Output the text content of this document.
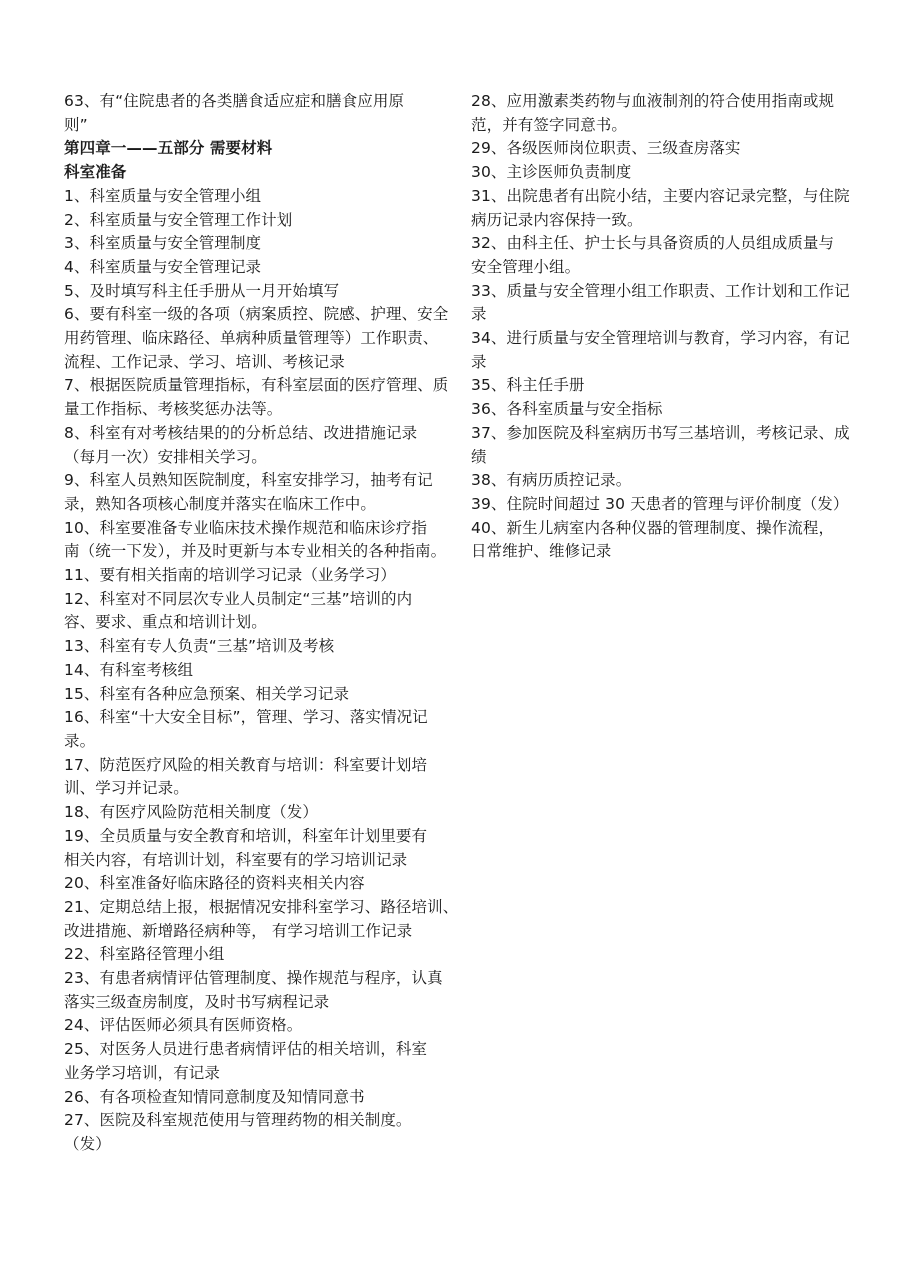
63、有“住院患者的各类膳食适应症和膳食应用原
则”
第四章一——五部分 需要材料
科室准备
1、科室质量与安全管理小组
2、科室质量与安全管理工作计划
3、科室质量与安全管理制度
4、科室质量与安全管理记录
5、及时填写科主任手册从一月开始填写
6、要有科室一级的各项（病案质控、院感、护理、安全
用药管理、临床路径、单病种质量管理等）工作职责、
流程、工作记录、学习、培训、考核记录
7、根据医院质量管理指标，有科室层面的医疗管理、质
量工作指标、考核奖惩办法等。
8、科室有对考核结果的的分析总结、改进措施记录
（每月一次）安排相关学习。
9、科室人员熟知医院制度，科室安排学习，抽考有记
录，熟知各项核心制度并落实在临床工作中。
10、科室要准备专业临床技术操作规范和临床诊疗指
南（统一下发），并及时更新与本专业相关的各种指南。
11、要有相关指南的培训学习记录（业务学习）
12、科室对不同层次专业人员制定“三基”培训的内
容、要求、重点和培训计划。
13、科室有专人负责“三基”培训及考核
14、有科室考核组
15、科室有各种应急预案、相关学习记录
16、科室“十大安全目标”，管理、学习、落实情况记
录。
17、防范医疗风险的相关教育与培训：科室要计划培
训、学习并记录。
18、有医疗风险防范相关制度（发）
19、全员质量与安全教育和培训，科室年计划里要有
相关内容，有培训计划，科室要有的学习培训记录
20、科室准备好临床路径的资料夹相关内容
21、定期总结上报，根据情况安排科室学习、路径培训、
改进措施、新增路径病种等， 有学习培训工作记录
22、科室路径管理小组
23、有患者病情评估管理制度、操作规范与程序，认真
落实三级查房制度，及时书写病程记录
24、评估医师必须具有医师资格。
25、对医务人员进行患者病情评估的相关培训，科室
业务学习培训，有记录
26、有各项检查知情同意制度及知情同意书
27、医院及科室规范使用与管理药物的相关制度。
（发）
28、应用激素类药物与血液制剂的符合使用指南或规
范，并有签字同意书。
29、各级医师岗位职责、三级查房落实
30、主诊医师负责制度
31、出院患者有出院小结，主要内容记录完整，与住院
病历记录内容保持一致。
32、由科主任、护士长与具备资质的人员组成质量与
安全管理小组。
33、质量与安全管理小组工作职责、工作计划和工作记
录
34、进行质量与安全管理培训与教育，学习内容，有记
录
35、科主任手册
36、各科室质量与安全指标
37、参加医院及科室病历书写三基培训，考核记录、成
绩
38、有病历质控记录。
39、住院时间超过 30 天患者的管理与评价制度（发）
40、新生儿病室内各种仪器的管理制度、操作流程，
日常维护、维修记录
